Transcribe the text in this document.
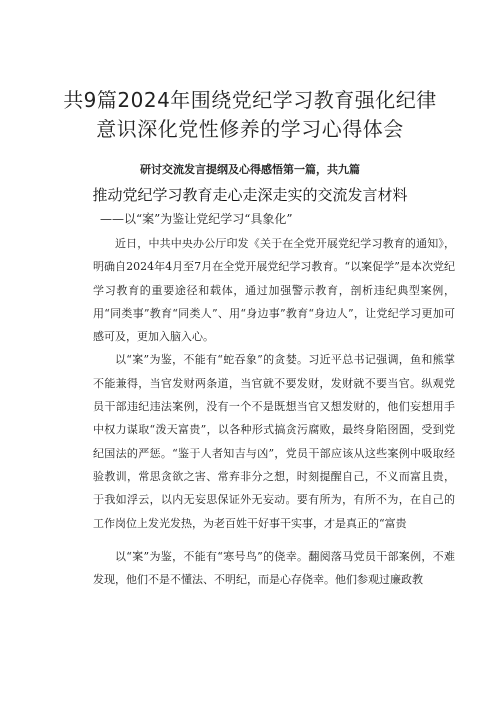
共9篇2024年围绕党纪学习教育强化纪律意识深化党性修养的学习心得体会
研讨交流发言提纲及心得感悟第一篇，共九篇
推动党纪学习教育走心走深走实的交流发言材料
——以“案”为鉴让党纪学习“具象化”

近日，中共中央办公厅印发《关于在全党开展党纪学习教育的通知》，明确自2024年4月至7月在全党开展党纪学习教育。“以案促学”是本次党纪学习教育的重要途径和载体，通过加强警示教育，剖析违纪典型案例，用“同类事”教育“同类人”、用“身边事”教育“身边人”，让党纪学习更加可感可及，更加入脑入心。

以“案”为鉴，不能有“蛇吞象”的贪婪。习近平总书记强调，鱼和熊掌不能兼得，当官发财两条道，当官就不要发财，发财就不要当官。纵观党员干部违纪违法案例，没有一个不是既想当官又想发财的，他们妄想用手中权力谋取“泼天富贵”，以各种形式搞贪污腐败，最终身陷囹圄，受到党纪国法的严惩。“鉴于人者知吉与凶”，党员干部应该从这些案例中吸取经验教训，常思贪欲之害、常弃非分之想，时刻提醒自己，不义而富且贵，于我如浮云，以内无妄思保证外无妄动。要有所为，有所不为，在自己的工作岗位上发光发热，为老百姓干好事干实事，才是真正的“富贵

以“案”为鉴，不能有“寒号鸟”的侥幸。翻阅落马党员干部案例，不难发现，他们不是不懂法、不明纪，而是心存侥幸。他们参观过廉政教
